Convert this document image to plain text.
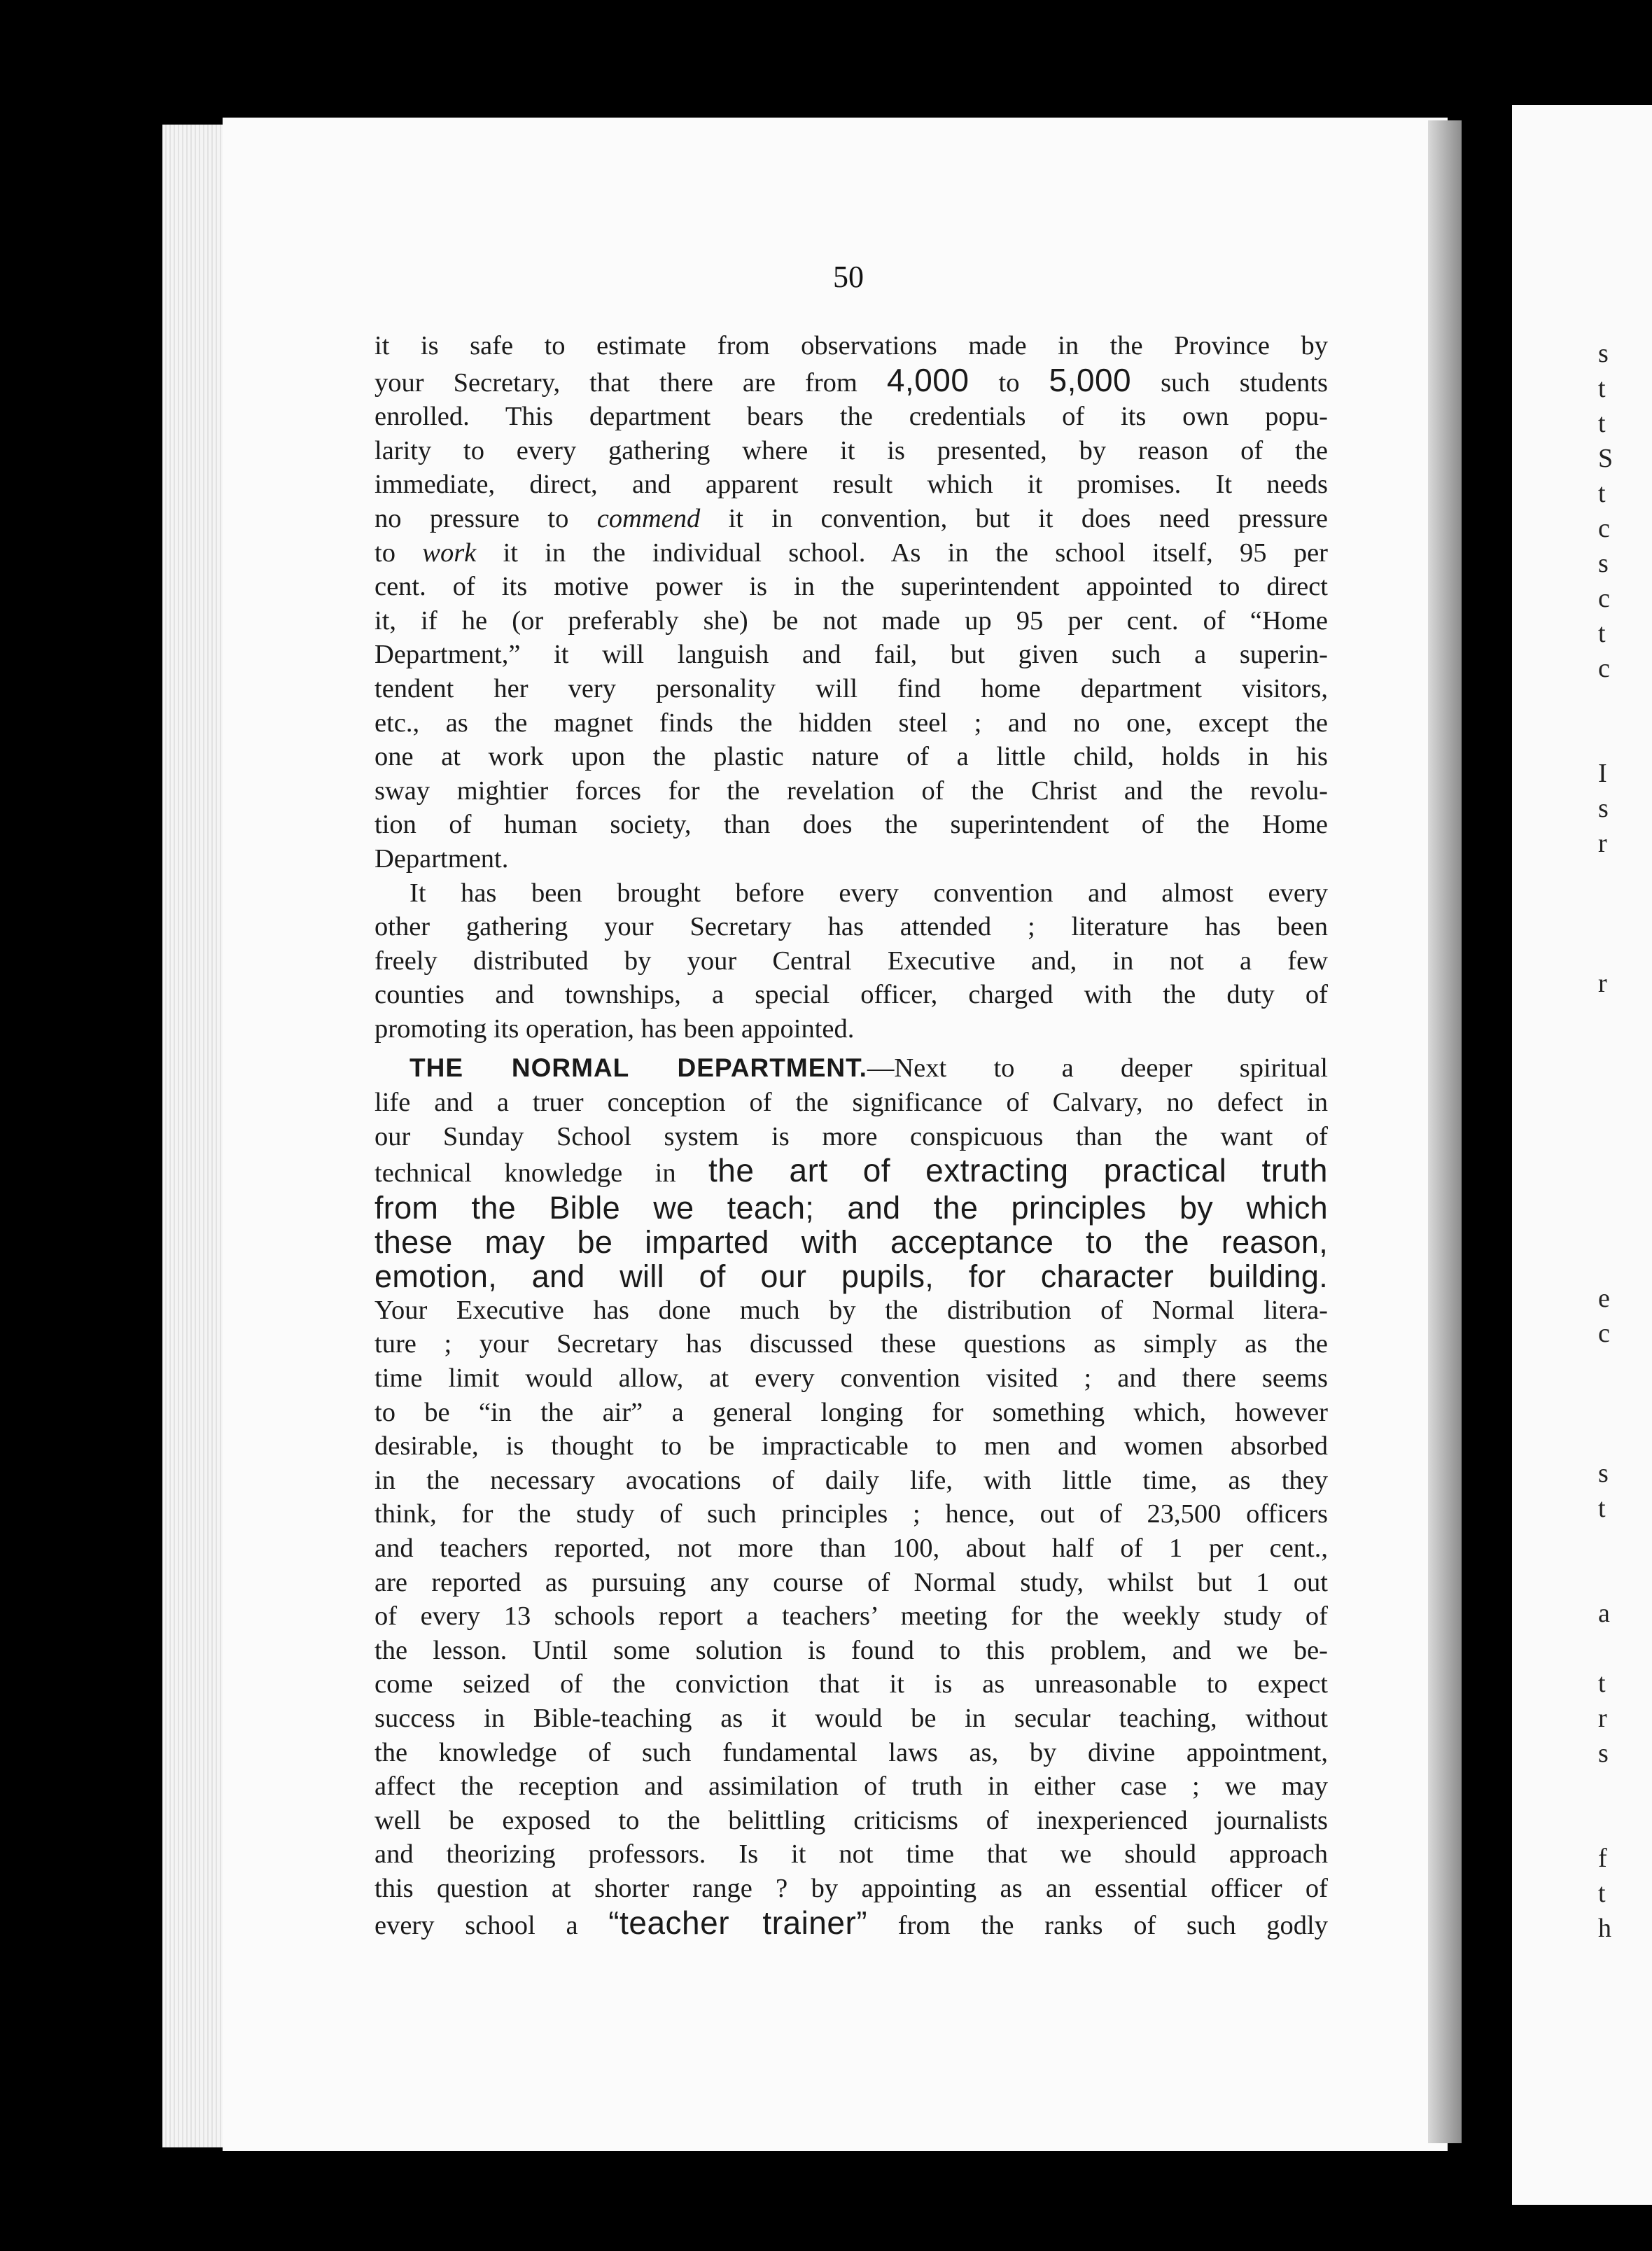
s
t
t
S
t
c
s
c
t
c

I
s
r

r

e
c

s
t

a

t
r
s

f
t
h
50
it is safe to estimate from observations made in the Province by
your Secretary, that there are from 4,000 to 5,000 such students
enrolled. This department bears the credentials of its own popu-
larity to every gathering where it is presented, by reason of the
immediate, direct, and apparent result which it promises. It needs
no pressure to commend it in convention, but it does need pressure
to work it in the individual school. As in the school itself, 95 per
cent. of its motive power is in the superintendent appointed to direct
it, if he (or preferably she) be not made up 95 per cent. of “Home
Department,” it will languish and fail, but given such a superin-
tendent her very personality will find home department visitors,
etc., as the magnet finds the hidden steel ; and no one, except the
one at work upon the plastic nature of a little child, holds in his
sway mightier forces for the revelation of the Christ and the revolu-
tion of human society, than does the superintendent of the Home
Department.
It has been brought before every convention and almost every
other gathering your Secretary has attended ; literature has been
freely distributed by your Central Executive and, in not a few
counties and townships, a special officer, charged with the duty of
promoting its operation, has been appointed.
THE NORMAL DEPARTMENT.—Next to a deeper spiritual
life and a truer conception of the significance of Calvary, no defect in
our Sunday School system is more conspicuous than the want of
technical knowledge in the art of extracting practical truth
from the Bible we teach; and the principles by which
these may be imparted with acceptance to the reason,
emotion, and will of our pupils, for character building.
Your Executive has done much by the distribution of Normal litera-
ture ; your Secretary has discussed these questions as simply as the
time limit would allow, at every convention visited ; and there seems
to be “in the air” a general longing for something which, however
desirable, is thought to be impracticable to men and women absorbed
in the necessary avocations of daily life, with little time, as they
think, for the study of such principles ; hence, out of 23,500 officers
and teachers reported, not more than 100, about half of 1 per cent.,
are reported as pursuing any course of Normal study, whilst but 1 out
of every 13 schools report a teachers’ meeting for the weekly study of
the lesson. Until some solution is found to this problem, and we be-
come seized of the conviction that it is as unreasonable to expect
success in Bible-teaching as it would be in secular teaching, without
the knowledge of such fundamental laws as, by divine appointment,
affect the reception and assimilation of truth in either case ; we may
well be exposed to the belittling criticisms of inexperienced journalists
and theorizing professors. Is it not time that we should approach
this question at shorter range ? by appointing as an essential officer of
every school a “teacher trainer” from the ranks of such godly
